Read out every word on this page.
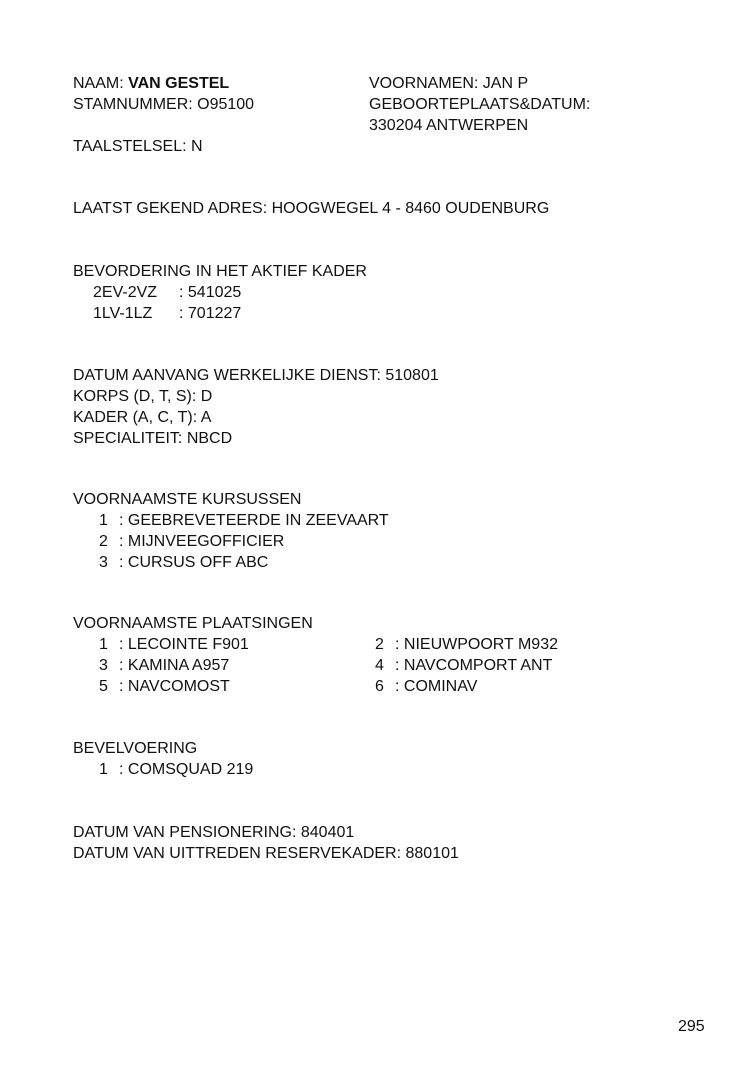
NAAM: VAN GESTEL
STAMNUMMER: O95100
VOORNAMEN: JAN P
GEBOORTEPLAATS&DATUM:
330204 ANTWERPEN
TAALSTELSEL: N
LAATST GEKEND ADRES: HOOGWEGEL 4 - 8460 OUDENBURG
BEVORDERING IN HET AKTIEF KADER
2EV-2VZ : 541025
1LV-1LZ : 701227
DATUM AANVANG WERKELIJKE DIENST: 510801
KORPS (D, T, S): D
KADER (A, C, T): A
SPECIALITEIT: NBCD
VOORNAAMSTE KURSUSSEN
1 : GEEBREVETEERDE IN ZEEVAART
2 : MIJNVEEGOFFICIER
3 : CURSUS OFF ABC
VOORNAAMSTE PLAATSINGEN
1 : LECOINTE F901
3 : KAMINA A957
5 : NAVCOMOST
2 : NIEUWPOORT M932
4 : NAVCOMPORT ANT
6 : COMINAV
BEVELVOERING
1 : COMSQUAD 219
DATUM VAN PENSIONERING: 840401
DATUM VAN UITTREDEN RESERVEKADER: 880101
295
